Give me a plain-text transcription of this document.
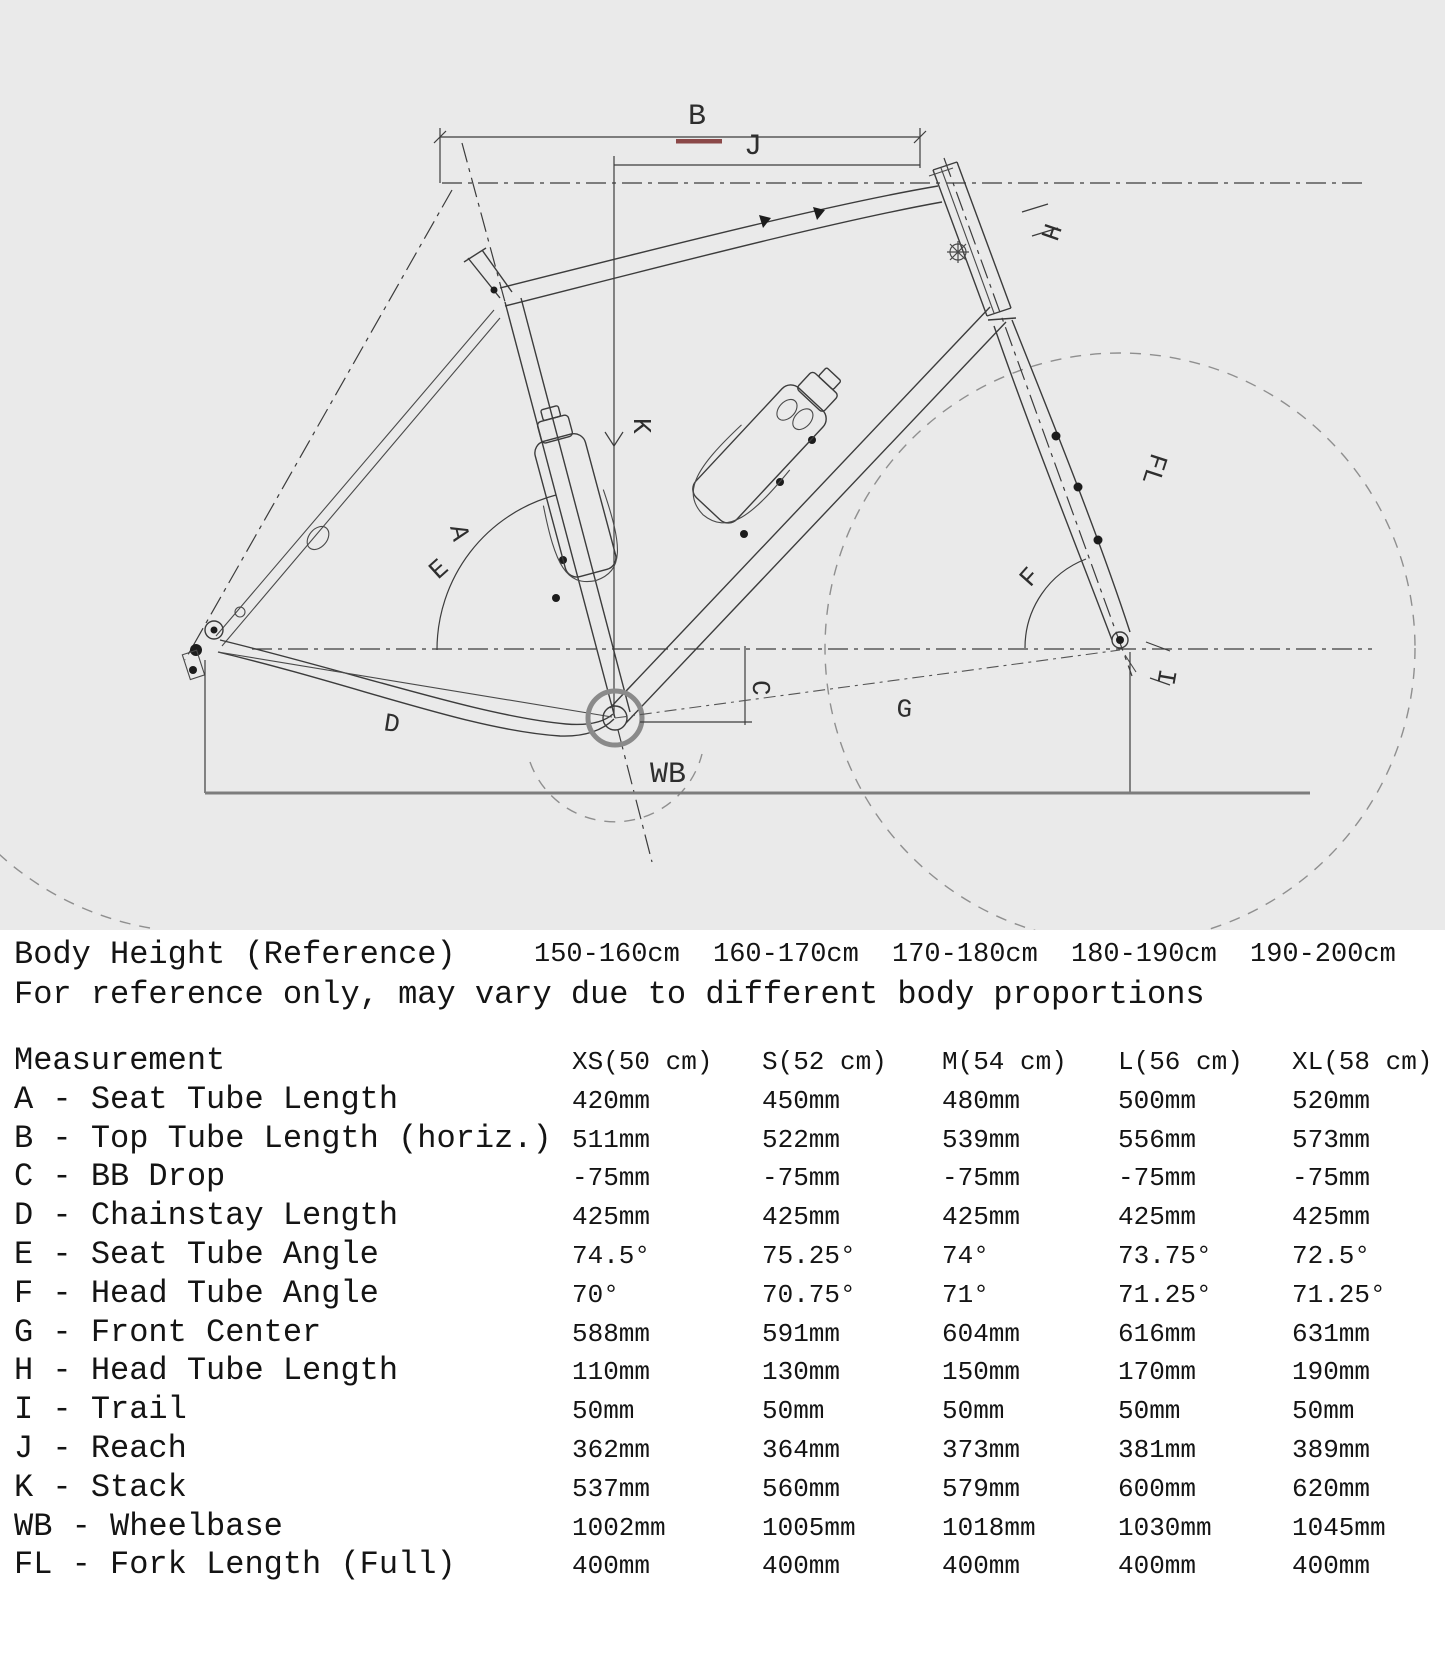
B
J
K
H
A
D
FL
I
E	F
C
G
WB
Body Height (Reference)	150-160cm 160-170cm 170-180cm 180-190cm 190-200cm
For reference only, may vary due to different body proportions
Measurement	XS(50 cm)	S(52 cm)	M(54 cm)	L(56 cm)	XL(58 cm)
A - Seat Tube Length	420mm	450mm	480mm	500mm	520mm
B - Top Tube Length (horiz.) 511mm	522mm	539mm	556mm	573mm
C - BB Drop	-75mm	-75mm	-75mm	-75mm	-75mm
D - Chainstay Length	425mm	425mm	425mm	425mm	425mm
E - Seat Tube Angle	74.5°	75.25°	74°	73.75°	72.5°
F - Head Tube Angle	70°	70.75°	71°	71.25°	71.25°
G - Front Center	588mm	591mm	604mm	616mm	631mm
H - Head Tube Length	110mm	130mm	150mm	170mm	190mm
I - Trail	50mm	50mm	50mm	50mm	50mm
J - Reach	362mm	364mm	373mm	381mm	389mm
K - Stack	537mm	560mm	579mm	600mm	620mm
WB - Wheelbase	1002mm	1005mm	1018mm	1030mm	1045mm
FL - Fork Length (Full)	400mm	400mm	400mm	400mm	400mm
